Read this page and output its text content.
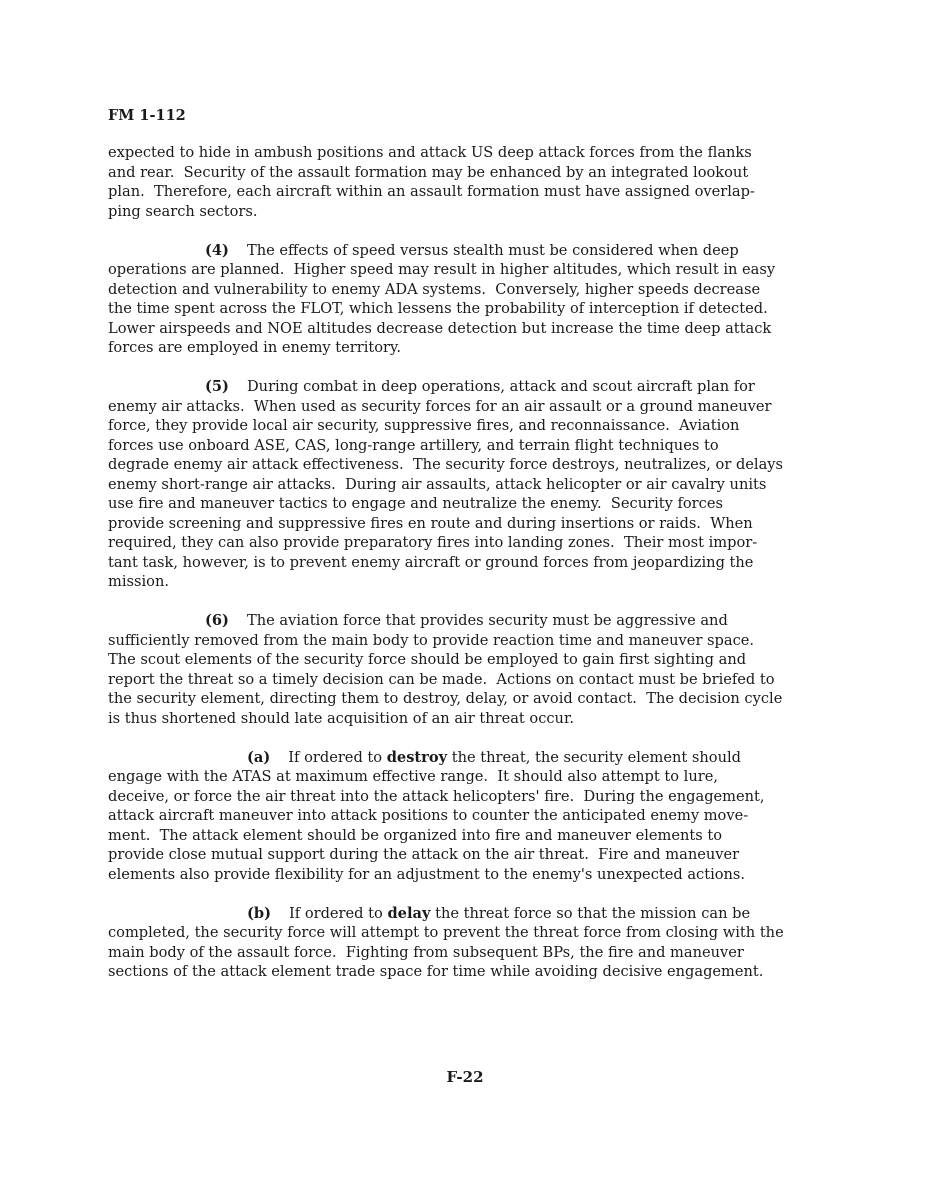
FM 1-112
expected to hide in ambush positions and attack US deep attack forces from the flanks
and rear.  Security of the assault formation may be enhanced by an integrated lookout
plan.  Therefore, each aircraft within an assault formation must have assigned overlap-
ping search sectors.
(4) The effects of speed versus stealth must be considered when deep
operations are planned.  Higher speed may result in higher altitudes, which result in easy
detection and vulnerability to enemy ADA systems.  Conversely, higher speeds decrease
the time spent across the FLOT, which lessens the probability of interception if detected.
Lower airspeeds and NOE altitudes decrease detection but increase the time deep attack
forces are employed in enemy territory.
(5) During combat in deep operations, attack and scout aircraft plan for
enemy air attacks.  When used as security forces for an air assault or a ground maneuver
force, they provide local air security, suppressive fires, and reconnaissance.  Aviation
forces use onboard ASE, CAS, long-range artillery, and terrain flight techniques to
degrade enemy air attack effectiveness.  The security force destroys, neutralizes, or delays
enemy short-range air attacks.  During air assaults, attack helicopter or air cavalry units
use fire and maneuver tactics to engage and neutralize the enemy.  Security forces
provide screening and suppressive fires en route and during insertions or raids.  When
required, they can also provide preparatory fires into landing zones.  Their most impor-
tant task, however, is to prevent enemy aircraft or ground forces from jeopardizing the
mission.
(6) The aviation force that provides security must be aggressive and
sufficiently removed from the main body to provide reaction time and maneuver space.
The scout elements of the security force should be employed to gain first sighting and
report the threat so a timely decision can be made.  Actions on contact must be briefed to
the security element, directing them to destroy, delay, or avoid contact.  The decision cycle
is thus shortened should late acquisition of an air threat occur.
(a) If ordered to destroy the threat, the security element should
engage with the ATAS at maximum effective range.  It should also attempt to lure,
deceive, or force the air threat into the attack helicopters' fire.  During the engagement,
attack aircraft maneuver into attack positions to counter the anticipated enemy move-
ment.  The attack element should be organized into fire and maneuver elements to
provide close mutual support during the attack on the air threat.  Fire and maneuver
elements also provide flexibility for an adjustment to the enemy's unexpected actions.
(b) If ordered to delay the threat force so that the mission can be
completed, the security force will attempt to prevent the threat force from closing with the
main body of the assault force.  Fighting from subsequent BPs, the fire and maneuver
sections of the attack element trade space for time while avoiding decisive engagement.
F-22
